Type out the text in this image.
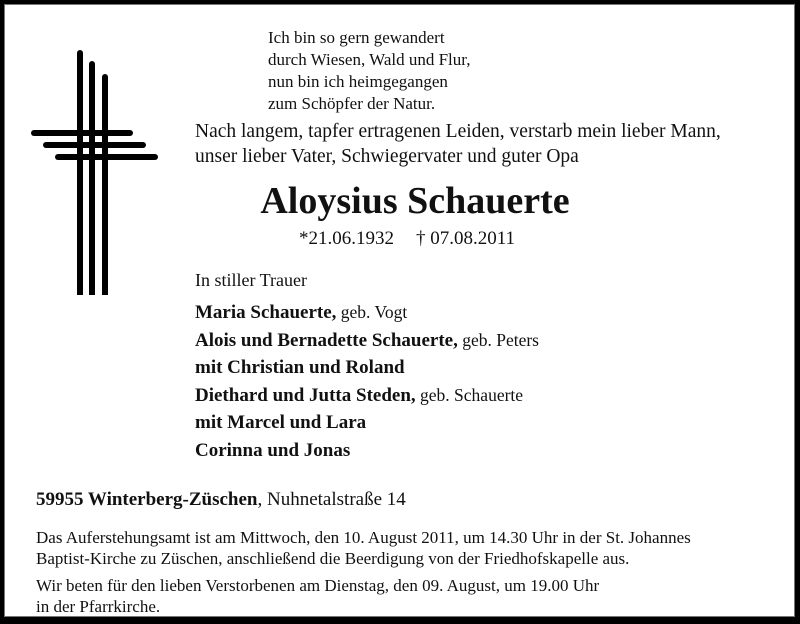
Ich bin so gern gewandert
durch Wiesen, Wald und Flur,
nun bin ich heimgegangen
zum Schöpfer der Natur.
Nach langem, tapfer ertragenen Leiden, verstarb mein lieber Mann,
unser lieber Vater, Schwiegervater und guter Opa
Aloysius Schauerte
*21.06.1932 † 07.08.2011
In stiller Trauer
Maria Schauerte, geb. Vogt
Alois und Bernadette Schauerte, geb. Peters
mit Christian und Roland
Diethard und Jutta Steden, geb. Schauerte
mit Marcel und Lara
Corinna und Jonas
59955 Winterberg-Züschen, Nuhnetalstraße 14
Das Auferstehungsamt ist am Mittwoch, den 10. August 2011, um 14.30 Uhr in der St. Johannes
Baptist-Kirche zu Züschen, anschließend die Beerdigung von der Friedhofskapelle aus.
Wir beten für den lieben Verstorbenen am Dienstag, den 09. August, um 19.00 Uhr
in der Pfarrkirche.
